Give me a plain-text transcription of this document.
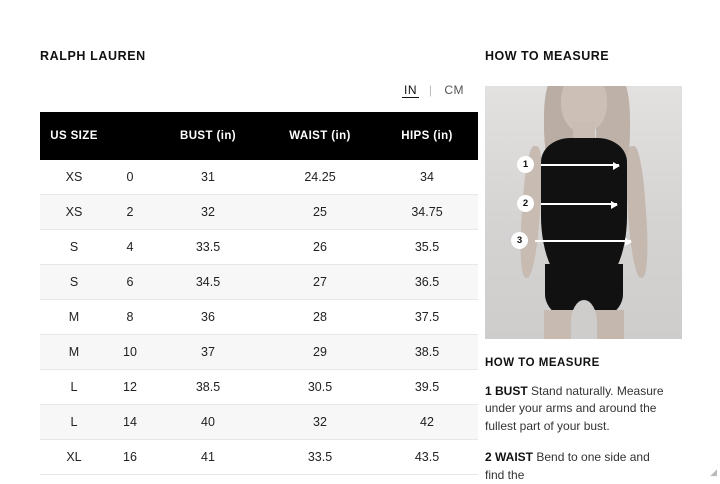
RALPH LAUREN
IN | CM
US SIZE		BUST (in)	WAIST (in)	HIPS (in)
XS	0	31	24.25	34
XS	2	32	25	34.75
S	4	33.5	26	35.5
S	6	34.5	27	36.5
M	8	36	28	37.5
M	10	37	29	38.5
L	12	38.5	30.5	39.5
L	14	40	32	42
XL	16	41	33.5	43.5
HOW TO MEASURE
1
2
3
HOW TO MEASURE
1 BUST Stand naturally. Measure under your arms and around the fullest part of your bust.
2 WAIST Bend to one side and find the	◢
